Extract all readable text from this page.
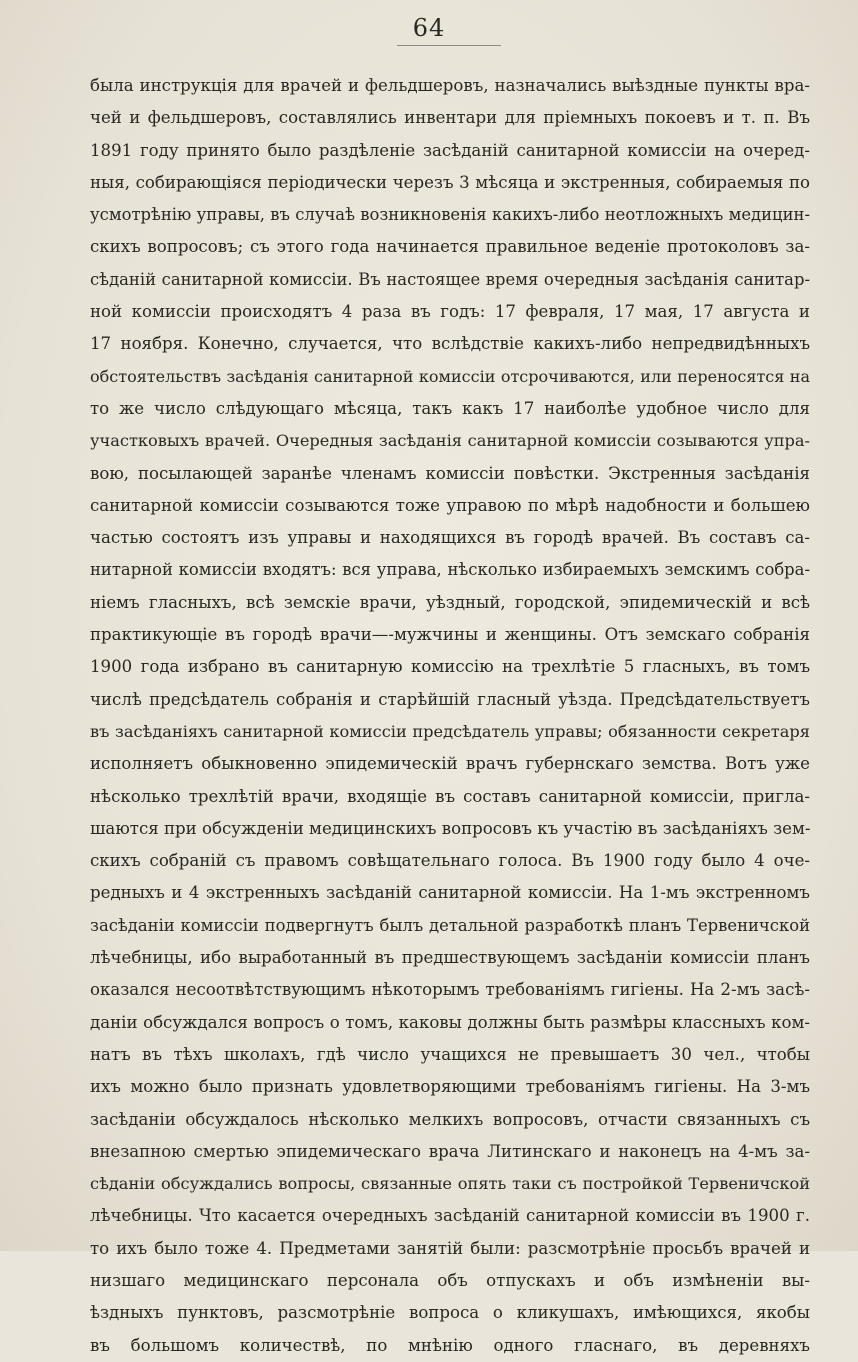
64
была инструкція для врачей и фельдшеровъ, назначались выѣздные пункты вра-
чей и фельдшеровъ, составлялись инвентари для пріемныхъ покоевъ и т. п. Въ
1891 году принято было раздѣленіе засѣданій санитарной комиссіи на очеред-
ныя, собирающіяся періодически черезъ 3 мѣсяца и экстренныя, собираемыя по
усмотрѣнію управы, въ случаѣ возникновенія какихъ-либо неотложныхъ медицин-
скихъ вопросовъ; съ этого года начинается правильное веденіе протоколовъ за-
сѣданій санитарной комиссіи. Въ настоящее время очередныя засѣданія санитар-
ной комиссіи происходятъ 4 раза въ годъ: 17 февраля, 17 мая, 17 августа и
17 ноября. Конечно, случается, что вслѣдствіе какихъ-либо непредвидѣнныхъ
обстоятельствъ засѣданія санитарной комиссіи отсрочиваются, или переносятся на
то же число слѣдующаго мѣсяца, такъ какъ 17 наиболѣе удобное число для
участковыхъ врачей. Очередныя засѣданія санитарной комиссіи созываются упра-
вою, посылающей заранѣе членамъ комиссіи повѣстки. Экстренныя засѣданія
санитарной комиссіи созываются тоже управою по мѣрѣ надобности и большею
частью состоятъ изъ управы и находящихся въ городѣ врачей. Въ составъ са-
нитарной комиссіи входятъ: вся управа, нѣсколько избираемыхъ земскимъ собра-
ніемъ гласныхъ, всѣ земскіе врачи, уѣздный, городской, эпидемическій и всѣ
практикующіе въ городѣ врачи—-мужчины и женщины. Отъ земскаго собранія
1900 года избрано въ санитарную комиссію на трехлѣтіе 5 гласныхъ, въ томъ
числѣ предсѣдатель собранія и старѣйшій гласный уѣзда. Предсѣдательствуетъ
въ засѣданіяхъ санитарной комиссіи предсѣдатель управы; обязанности секретаря
исполняетъ обыкновенно эпидемическій врачъ губернскаго земства. Вотъ уже
нѣсколько трехлѣтій врачи, входящіе въ составъ санитарной комиссіи, пригла-
шаются при обсужденіи медицинскихъ вопросовъ къ участію въ засѣданіяхъ зем-
скихъ собраній съ правомъ совѣщательнаго голоса. Въ 1900 году было 4 оче-
редныхъ и 4 экстренныхъ засѣданій санитарной комиссіи. На 1-мъ экстренномъ
засѣданіи комиссіи подвергнутъ былъ детальной разработкѣ планъ Тервеничской
лѣчебницы, ибо выработанный въ предшествующемъ засѣданіи комиссіи планъ
оказался несоотвѣтствующимъ нѣкоторымъ требованіямъ гигіены. На 2-мъ засѣ-
даніи обсуждался вопросъ о томъ, каковы должны быть размѣры классныхъ ком-
натъ въ тѣхъ школахъ, гдѣ число учащихся не превышаетъ 30 чел., чтобы
ихъ можно было признать удовлетворяющими требованіямъ гигіены. На 3-мъ
засѣданіи обсуждалось нѣсколько мелкихъ вопросовъ, отчасти связанныхъ съ
внезапною смертью эпидемическаго врача Литинскаго и наконецъ на 4-мъ за-
сѣданіи обсуждались вопросы, связанные опять таки съ постройкой Тервеничской
лѣчебницы. Что касается очередныхъ засѣданій санитарной комиссіи въ 1900 г.
то ихъ было тоже 4. Предметами занятій были: разсмотрѣніе просьбъ врачей и
низшаго медицинскаго персонала объ отпускахъ и объ измѣненіи вы-
ѣздныхъ пунктовъ, разсмотрѣніе вопроса о кликушахъ, имѣющихся, якобы
въ большомъ количествѣ, по мнѣнію одного гласнаго, въ деревняхъ
